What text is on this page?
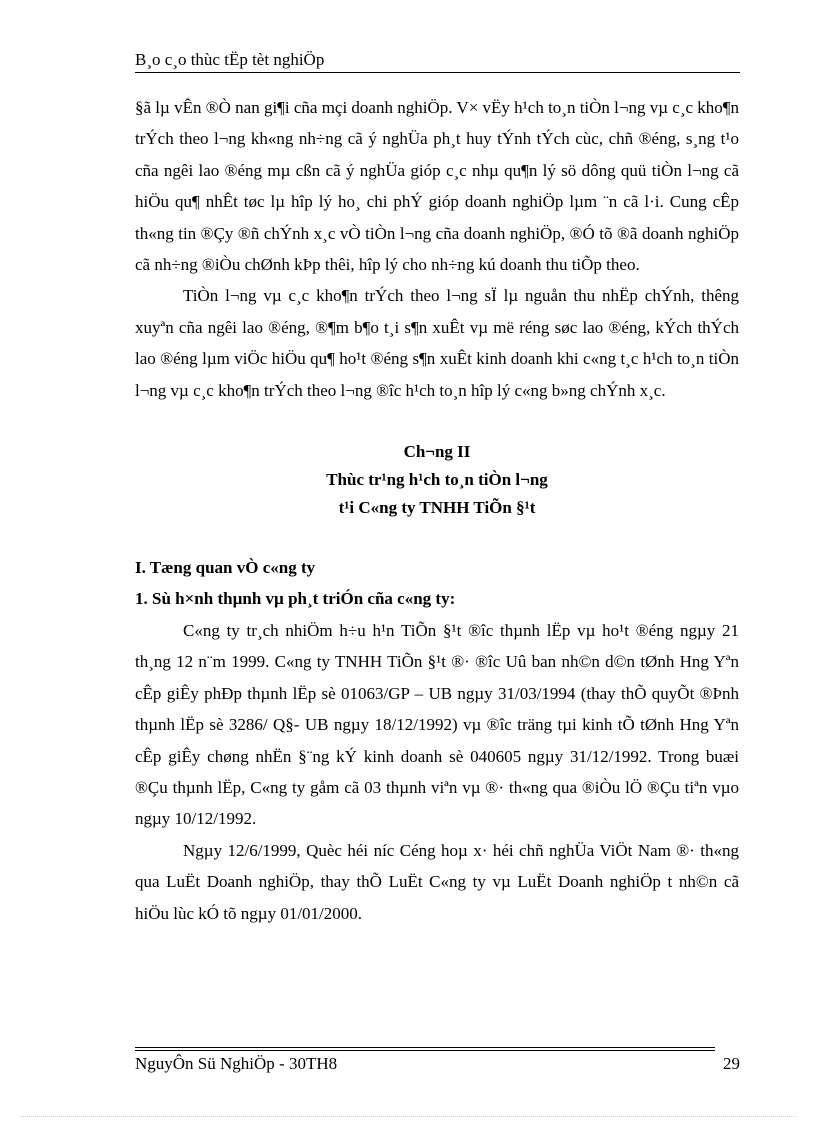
B¸o c¸o thùc tËp tèt nghiÖp

§ã lµ vÊn ®Ò nan gi¶i cña mçi doanh nghiÖp. V× vËy h¹ch to¸n tiÒn l¬ng vµ c¸c kho¶n trÝch theo l¬ng kh«ng nh÷ng cã ý nghÜa ph¸t huy tÝnh tÝch cùc, chñ ®éng, s¸ng t¹o cña ngêi lao ®éng mµ cßn cã ý nghÜa gióp c¸c nhµ qu¶n lý sö dông quü tiÒn l¬ng cã hiÖu qu¶ nhÊt tøc lµ hîp lý ho¸ chi phÝ gióp doanh nghiÖp lµm ¨n cã l·i. Cung cÊp th«ng tin ®Çy ®ñ chÝnh x¸c vÒ tiÒn l¬ng cña doanh nghiÖp, ®Ó tõ ®ã doanh nghiÖp cã nh÷ng ®iÒu chØnh kÞp thêi, hîp lý cho nh÷ng kú doanh thu tiÕp theo.

TiÒn l¬ng vµ c¸c kho¶n trÝch theo l¬ng sÏ lµ nguån thu nhËp chÝnh, thêng xuyªn cña ngêi lao ®éng, ®¶m b¶o t¸i s¶n xuÊt vµ më réng søc lao ®éng, kÝch thÝch lao ®éng lµm viÖc hiÖu qu¶ ho¹t ®éng s¶n xuÊt kinh doanh khi c«ng t¸c h¹ch to¸n tiÒn l¬ng vµ c¸c kho¶n trÝch theo l¬ng ®îc h¹ch to¸n hîp lý c«ng b»ng chÝnh x¸c.

Ch¬ng II
Thùc tr¹ng h¹ch to¸n tiÒn l¬ng
t¹i C«ng ty TNHH TiÕn §¹t
I. Tæng quan vÒ c«ng ty
1. Sù h×nh thµnh vµ ph¸t triÓn cña c«ng ty:

C«ng ty tr¸ch nhiÖm h÷u h¹n TiÕn §¹t ®îc thµnh lËp vµ ho¹t ®éng ngµy 21 th¸ng 12 n¨m 1999. C«ng ty TNHH TiÕn §¹t ®· ®îc Uû ban nh©n d©n tØnh Hng Yªn cÊp giÊy phÐp thµnh lËp sè 01063/GP – UB ngµy 31/03/1994 (thay thÕ quyÕt ®Þnh thµnh lËp sè 3286/ Q§- UB ngµy 18/12/1992) vµ ®îc träng tµi kinh tÕ tØnh Hng Yªn cÊp giÊy chøng nhËn §¨ng kÝ kinh doanh sè 040605 ngµy 31/12/1992. Trong buæi ®Çu thµnh lËp, C«ng ty gåm cã 03 thµnh viªn vµ ®· th«ng qua ®iÒu lÖ ®Çu tiªn vµo ngµy 10/12/1992.

Ngµy 12/6/1999, Quèc héi níc Céng hoµ x· héi chñ nghÜa ViÖt Nam ®· th«ng qua LuËt Doanh nghiÖp, thay thÕ LuËt C«ng ty vµ LuËt Doanh nghiÖp t nh©n cã hiÖu lùc kÓ tõ ngµy 01/01/2000.

NguyÔn Sü NghiÖp - 30TH8	29
